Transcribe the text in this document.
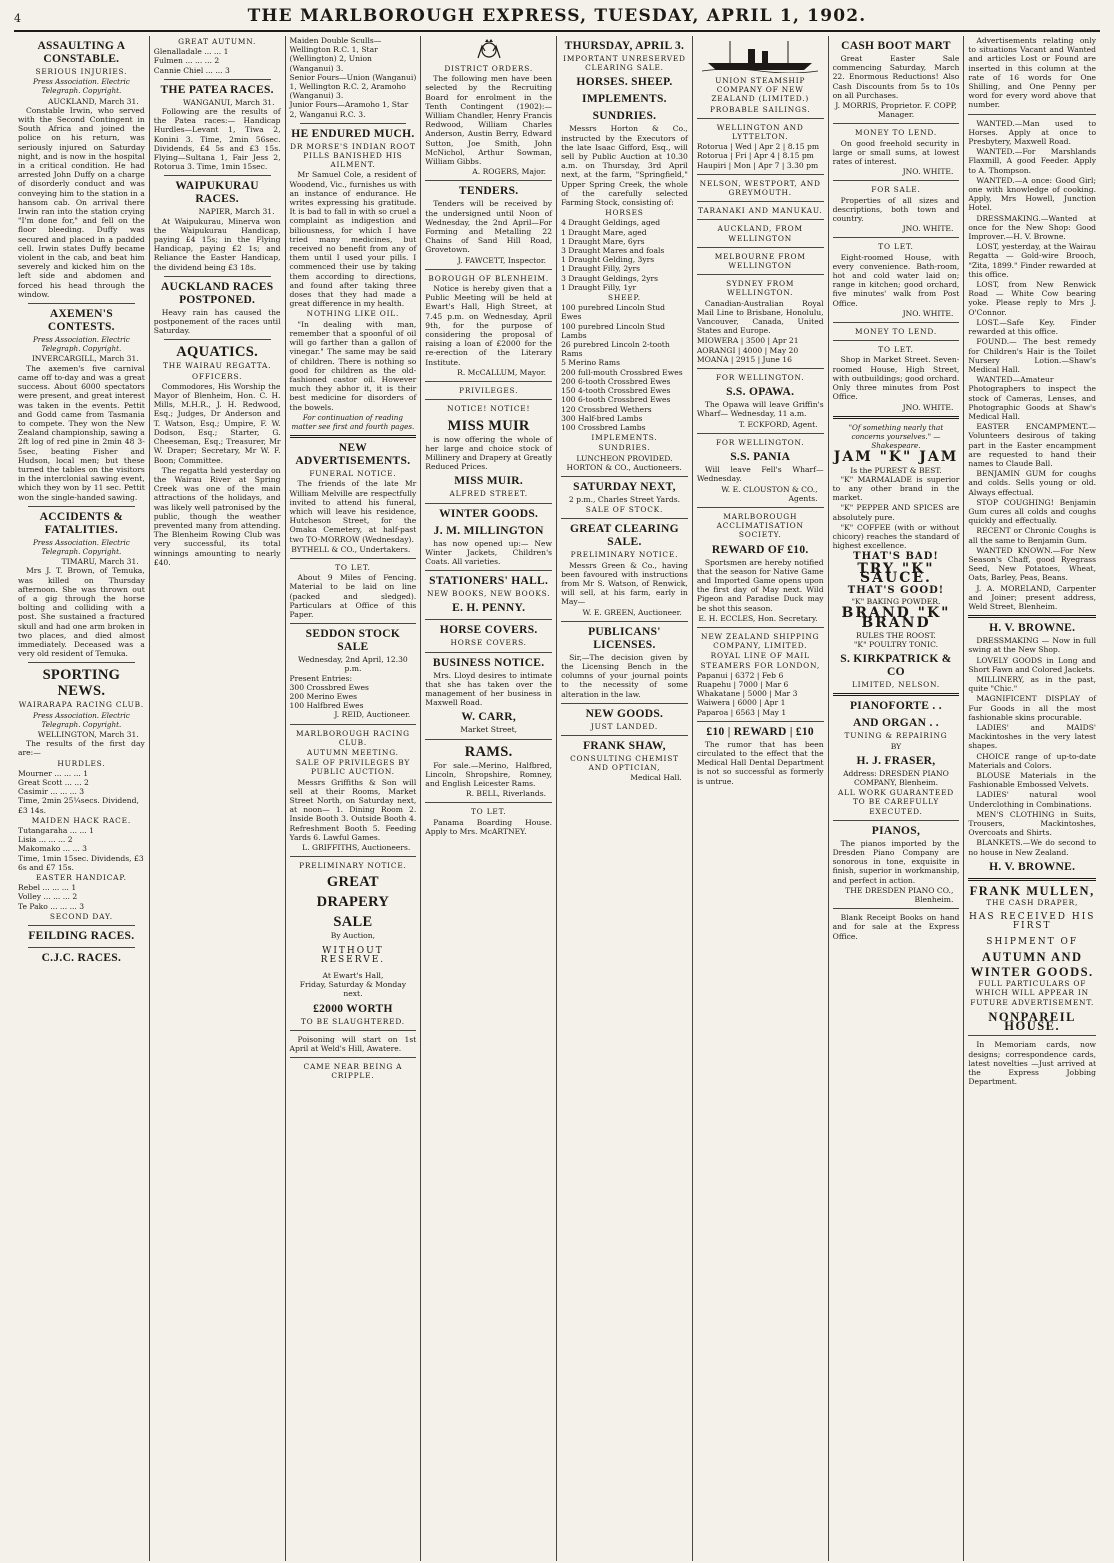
4	THE MARLBOROUGH EXPRESS, TUESDAY, APRIL 1, 1902.
ASSAULTING A CONSTABLE.
SERIOUS INJURIES.
Press Association. Electric Telegraph. Copyright.
AUCKLAND, March 31.

Constable Irwin, who served with the Second Contingent in South Africa and joined the police on his return, was seriously injured on Saturday night, and is now in the hospital in a critical condition. He had arrested John Duffy on a charge of disorderly conduct and was conveying him to the station in a hansom cab. On arrival there Irwin ran into the station crying "I'm done for," and fell on the floor bleeding. Duffy was secured and placed in a padded cell. Irwin states Duffy became violent in the cab, and beat him severely and kicked him on the left side and abdomen and forced his head through the window.

AXEMEN'S CONTESTS.
Press Association. Electric Telegraph. Copyright.
INVERCARGILL, March 31.

The axemen's five carnival came off to-day and was a great success. About 6000 spectators were present, and great interest was taken in the events. Pettit and Godd came from Tasmania to compete. They won the New Zealand championship, sawing a 2ft log of red pine in 2min 48 3-5sec, beating Fisher and Hudson, local men; but these turned the tables on the visitors in the interclonial sawing event, which they won by 11 sec. Pettit won the single-handed sawing.

ACCIDENTS & FATALITIES.
Press Association. Electric Telegraph. Copyright.
TIMARU, March 31.

Mrs J. T. Brown, of Temuka, was killed on Thursday afternoon. She was thrown out of a gig through the horse bolting and colliding with a post. She sustained a fractured skull and had one arm broken in two places, and died almost immediately. Deceased was a very old resident of Temuka.

SPORTING NEWS.
WAIRARAPA RACING CLUB.
Press Association. Electric Telegraph. Copyright.
WELLINGTON, March 31.

The results of the first day are:—

HURDLES.
Mourner ... ... ... 1
Great Scott ... ... 2
Casimir ... ... ... 3
Time, 2min 25¼secs. Dividend, £3 14s.
MAIDEN HACK RACE.
Tutangaraha ... ... 1
Lisia ... ... ... 2
Makomako ... ... 3
Time, 1min 15sec. Dividends, £3 6s and £7 15s.
EASTER HANDICAP.
Rebel ... ... ... 1
Volley ... ... ... 2
Te Pako ... ... ... 3
SECOND DAY.
FEILDING RACES.
C.J.C. RACES.
GREAT AUTUMN.
Glenalladale ... ... 1
Fulmen ... ... ... 2
Cannie Chiel ... ... 3
THE PATEA RACES.
WANGANUI, March 31.

Following are the results of the Patea races:— Handicap Hurdles—Levant 1, Tiwa 2, Konini 3. Time, 2min 56sec. Dividends, £4 5s and £3 15s. Flying—Sultana 1, Fair Jess 2, Rotorua 3. Time, 1min 15sec.

WAIPUKURAU RACES.
NAPIER, March 31.

At Waipukurau, Minerva won the Waipukurau Handicap, paying £4 15s; in the Flying Handicap, paying £2 1s; and Reliance the Easter Handicap, the dividend being £3 18s.

AUCKLAND RACES POSTPONED.

Heavy rain has caused the postponement of the races until Saturday.

AQUATICS.
THE WAIRAU REGATTA.
OFFICERS.

Commodores, His Worship the Mayor of Blenheim, Hon. C. H. Mills, M.H.R., J. H. Redwood, Esq.; Judges, Dr Anderson and T. Watson, Esq.; Umpire, F. W. Dodson, Esq.; Starter, G. Cheeseman, Esq.; Treasurer, Mr W. Draper; Secretary, Mr W. F. Boon; Committee.

The regatta held yesterday on the Wairau River at Spring Creek was one of the main attractions of the holidays, and was likely well patronised by the public, though the weather prevented many from attending. The Blenheim Rowing Club was very successful, its total winnings amounting to nearly £40.

Maiden Double Sculls—Wellington R.C. 1, Star (Wellington) 2, Union (Wanganui) 3.
Senior Fours—Union (Wanganui) 1, Wellington R.C. 2, Aramoho (Wanganui) 3.
Junior Fours—Aramoho 1, Star 2, Wanganui R.C. 3.
HE ENDURED MUCH.
DR MORSE'S INDIAN ROOT PILLS BANISHED HIS AILMENT.

Mr Samuel Cole, a resident of Woodend, Vic., furnishes us with an instance of endurance. He writes expressing his gratitude. It is bad to fall in with so cruel a complaint as indigestion and biliousness, for which I have tried many medicines, but received no benefit from any of them until I used your pills. I commenced their use by taking them according to directions, and found after taking three doses that they had made a great difference in my health.

NOTHING LIKE OIL.

"In dealing with man, remember that a spoonful of oil will go farther than a gallon of vinegar." The same may be said of children. There is nothing so good for children as the old-fashioned castor oil. However much they abhor it, it is their best medicine for disorders of the bowels.

For continuation of reading matter see first and fourth pages.
NEW ADVERTISEMENTS.
FUNERAL NOTICE.

The friends of the late Mr William Melville are respectfully invited to attend his funeral, which will leave his residence, Hutcheson Street, for the Omaka Cemetery, at half-past two TO-MORROW (Wednesday).

BYTHELL & CO., Undertakers.
TO LET.

About 9 Miles of Fencing. Material to be laid on line (packed and sledged). Particulars at Office of this Paper.

SEDDON STOCK SALE
Wednesday, 2nd April, 12.30 p.m.
Present Entries:
300 Crossbred Ewes
200 Merino Ewes
100 Halfbred Ewes
J. REID, Auctioneer.
MARLBOROUGH RACING CLUB.
AUTUMN MEETING.
SALE OF PRIVILEGES BY PUBLIC AUCTION.

Messrs Griffiths & Son will sell at their Rooms, Market Street North, on Saturday next, at noon— 1. Dining Room 2. Inside Booth 3. Outside Booth 4. Refreshment Booth 5. Feeding Yards 6. Lawful Games.

L. GRIFFITHS, Auctioneers.
PRELIMINARY NOTICE.
GREAT
DRAPERY
SALE
By Auction,
WITHOUT RESERVE.
At Ewart's Hall,
Friday, Saturday & Monday next.
£2000 WORTH
TO BE SLAUGHTERED.

Poisoning will start on 1st April at Weld's Hill, Awatere.

CAME NEAR BEING A CRIPPLE.
DISTRICT ORDERS.

The following men have been selected by the Recruiting Board for enrolment in the Tenth Contingent (1902):— William Chandler, Henry Francis Redwood, William Charles Anderson, Austin Berry, Edward Sutton, Joe Smith, John McNichol, Arthur Sowman, William Gibbs.

A. ROGERS, Major.
TENDERS.

Tenders will be received by the undersigned until Noon of Wednesday, the 2nd April—For Forming and Metalling 22 Chains of Sand Hill Road, Grovetown.

J. FAWCETT, Inspector.
BOROUGH OF BLENHEIM.

Notice is hereby given that a Public Meeting will be held at Ewart's Hall, High Street, at 7.45 p.m. on Wednesday, April 9th, for the purpose of considering the proposal of raising a loan of £2000 for the re-erection of the Literary Institute.

R. McCALLUM, Mayor.
PRIVILEGES.
NOTICE! NOTICE!
MISS MUIR

is now offering the whole of her large and choice stock of Millinery and Drapery at Greatly Reduced Prices.

MISS MUIR.
ALFRED STREET.
WINTER GOODS.
J. M. MILLINGTON

has now opened up:— New Winter Jackets, Children's Coats. All varieties.

STATIONERS' HALL.
NEW BOOKS, NEW BOOKS.
E. H. PENNY.
HORSE COVERS.
HORSE COVERS.
BUSINESS NOTICE.

Mrs. Lloyd desires to intimate that she has taken over the management of her business in Maxwell Road.

W. CARR,
Market Street,
RAMS.

For sale.—Merino, Halfbred, Lincoln, Shropshire, Romney, and English Leicester Rams.

R. BELL, Riverlands.
TO LET.

Panama Boarding House. Apply to Mrs. McARTNEY.

THURSDAY, APRIL 3.
IMPORTANT UNRESERVED CLEARING SALE.
HORSES. SHEEP.
IMPLEMENTS.
SUNDRIES.

Messrs Horton & Co., instructed by the Executors of the late Isaac Gifford, Esq., will sell by Public Auction at 10.30 a.m. on Thursday, 3rd April next, at the farm, "Springfield," Upper Spring Creek, the whole of the carefully selected Farming Stock, consisting of:

HORSES
4 Draught Geldings, aged
1 Draught Mare, aged
1 Draught Mare, 6yrs
3 Draught Mares and foals
1 Draught Gelding, 3yrs
1 Draught Filly, 2yrs
3 Draught Geldings, 2yrs
1 Draught Filly, 1yr
SHEEP.
100 purebred Lincoln Stud Ewes
100 purebred Lincoln Stud Lambs
26 purebred Lincoln 2-tooth Rams
5 Merino Rams
200 full-mouth Crossbred Ewes
200 6-tooth Crossbred Ewes
150 4-tooth Crossbred Ewes
100 6-tooth Crossbred Ewes
120 Crossbred Wethers
300 Half-bred Lambs
100 Crossbred Lambs
IMPLEMENTS.
SUNDRIES.
LUNCHEON PROVIDED.
HORTON & CO., Auctioneers.
SATURDAY NEXT,
2 p.m., Charles Street Yards.
SALE OF STOCK.
GREAT CLEARING SALE.
PRELIMINARY NOTICE.

Messrs Green & Co., having been favoured with instructions from Mr S. Watson, of Renwick, will sell, at his farm, early in May—

W. E. GREEN, Auctioneer.
PUBLICANS' LICENSES.

Sir,—The decision given by the Licensing Bench in the columns of your journal points to the necessity of some alteration in the law.

NEW GOODS.
JUST LANDED.
FRANK SHAW,
CONSULTING CHEMIST AND OPTICIAN,
Medical Hall.
UNION STEAMSHIP COMPANY OF NEW ZEALAND (LIMITED.)
PROBABLE SAILINGS.
WELLINGTON AND LYTTELTON.
Rotorua | Wed | Apr 2 | 8.15 pm
Rotorua | Fri | Apr 4 | 8.15 pm
Haupiri | Mon | Apr 7 | 3.30 pm
NELSON, WESTPORT, AND GREYMOUTH.
TARANAKI AND MANUKAU.
AUCKLAND, FROM WELLINGTON
MELBOURNE FROM WELLINGTON
SYDNEY FROM WELLINGTON.

Canadian-Australian Royal Mail Line to Brisbane, Honolulu, Vancouver, Canada, United States and Europe.

MIOWERA | 3500 | Apr 21
AORANGI | 4000 | May 20
MOANA | 2915 | June 16
FOR WELLINGTON.
S.S. OPAWA.

The Opawa will leave Griffin's Wharf— Wednesday, 11 a.m.

T. ECKFORD, Agent.
FOR WELLINGTON.
S.S. PANIA

Will leave Fell's Wharf— Wednesday.

W. E. CLOUSTON & CO., Agents.
MARLBOROUGH ACCLIMATISATION SOCIETY.
REWARD OF £10.

Sportsmen are hereby notified that the season for Native Game and Imported Game opens upon the first day of May next. Wild Pigeon and Paradise Duck may be shot this season.

E. H. ECCLES, Hon. Secretary.
NEW ZEALAND SHIPPING COMPANY, LIMITED.
ROYAL LINE OF MAIL STEAMERS FOR LONDON,
Papanui | 6372 | Feb 6
Ruapehu | 7000 | Mar 6
Whakatane | 5000 | Mar 3
Waiwera | 6000 | Apr 1
Paparoa | 6563 | May 1
£10 | REWARD | £10

The rumor that has been circulated to the effect that the Medical Hall Dental Department is not so successful as formerly is untrue.

CASH BOOT MART

Great Easter Sale commencing Saturday, March 22. Enormous Reductions! Also Cash Discounts from 5s to 10s on all Purchases.

J. MORRIS, Proprietor. F. COPP, Manager.
MONEY TO LEND.

On good freehold security in large or small sums, at lowest rates of interest.

JNO. WHITE.
FOR SALE.

Properties of all sizes and descriptions, both town and country.

JNO. WHITE.
TO LET.

Eight-roomed House, with every convenience. Bath-room, hot and cold water laid on; range in kitchen; good orchard, five minutes' walk from Post Office.

JNO. WHITE.
MONEY TO LEND.
TO LET.

Shop in Market Street. Seven-roomed House, High Street, with outbuildings; good orchard. Only three minutes from Post Office.

JNO. WHITE.
"Of something nearly that concerns yourselves." — Shakespeare.
JAM "K" JAM
Is the PUREST & BEST.

"K" MARMALADE is superior to any other brand in the market.

"K" PEPPER AND SPICES are absolutely pure.

"K" COFFEE (with or without chicory) reaches the standard of highest excellence.

THAT'S BAD!
TRY "K" SAUCE.
THAT'S GOOD!
"K" BAKING POWDER.
BRAND "K" BRAND
RULES THE ROOST.
"K" POULTRY TONIC.
S. KIRKPATRICK & CO
LIMITED, NELSON.
PIANOFORTE . .
AND ORGAN . .
TUNING & REPAIRING
BY
H. J. FRASER,
Address: DRESDEN PIANO COMPANY, Blenheim.
ALL WORK GUARANTEED TO BE CAREFULLY EXECUTED.
PIANOS,

The pianos imported by the Dresden Piano Company are sonorous in tone, exquisite in finish, superior in workmanship, and perfect in action.

THE DRESDEN PIANO CO., Blenheim.

Blank Receipt Books on hand and for sale at the Express Office.

Advertisements relating only to situations Vacant and Wanted and articles Lost or Found are inserted in this column at the rate of 16 words for One Shilling, and One Penny per word for every word above that number.

WANTED.—Man used to Horses. Apply at once to Presbytery, Maxwell Road.

WANTED.—For Marshlands Flaxmill, A good Feeder. Apply to A. Thompson.

WANTED.—A once: Good Girl; one with knowledge of cooking. Apply, Mrs Howell, Junction Hotel.

DRESSMAKING.—Wanted at once for the New Shop: Good Improver.—H. V. Browne.

LOST, yesterday, at the Wairau Regatta — Gold-wire Brooch, "Zita, 1899." Finder rewarded at this office.

LOST, from New Renwick Road — White Cow bearing yoke. Please reply to Mrs J. O'Connor.

LOST.—Safe Key. Finder rewarded at this office.

FOUND.— The best remedy for Children's Hair is the Toilet Nursery Lotion.—Shaw's Medical Hall.

WANTED—Amateur Photographers to inspect the stock of Cameras, Lenses, and Photographic Goods at Shaw's Medical Hall.

EASTER ENCAMPMENT.— Volunteers desirous of taking part in the Easter encampment are requested to hand their names to Claude Ball.

BENJAMIN GUM for coughs and colds. Sells young or old. Always effectual.

STOP COUGHING! Benjamin Gum cures all colds and coughs quickly and effectually.

RECENT or Chronic Coughs is all the same to Benjamin Gum.

WANTED KNOWN.—For New Season's Chaff, good Ryegrass Seed, New Potatoes, Wheat, Oats, Barley, Peas, Beans.

J. A. MORELAND, Carpenter and Joiner; present address, Weld Street, Blenheim.

H. V. BROWNE.
DRESSMAKING — Now in full swing at the New Shop.
LOVELY GOODS in Long and Short Fawn and Colored Jackets.
MILLINERY, as in the past, quite "Chic."
MAGNIFICENT DISPLAY of Fur Goods in all the most fashionable skins procurable.
LADIES' and MAIDS' Mackintoshes in the very latest shapes.
CHOICE range of up-to-date Materials and Colors.
BLOUSE Materials in the Fashionable Embossed Velvets.
LADIES' natural wool Underclothing in Combinations.
MEN'S CLOTHING in Suits, Trousers, Mackintoshes, Overcoats and Shirts.
BLANKETS.—We do second to no house in New Zealand.
H. V. BROWNE.
FRANK MULLEN,
THE CASH DRAPER,
HAS RECEIVED HIS FIRST
SHIPMENT OF
AUTUMN AND
WINTER GOODS.
FULL PARTICULARS OF WHICH WILL APPEAR IN FUTURE ADVERTISEMENT.
NONPAREIL HOUSE.

In Memoriam cards, now designs; correspondence cards, latest novelties —Just arrived at the Express Jobbing Department.
